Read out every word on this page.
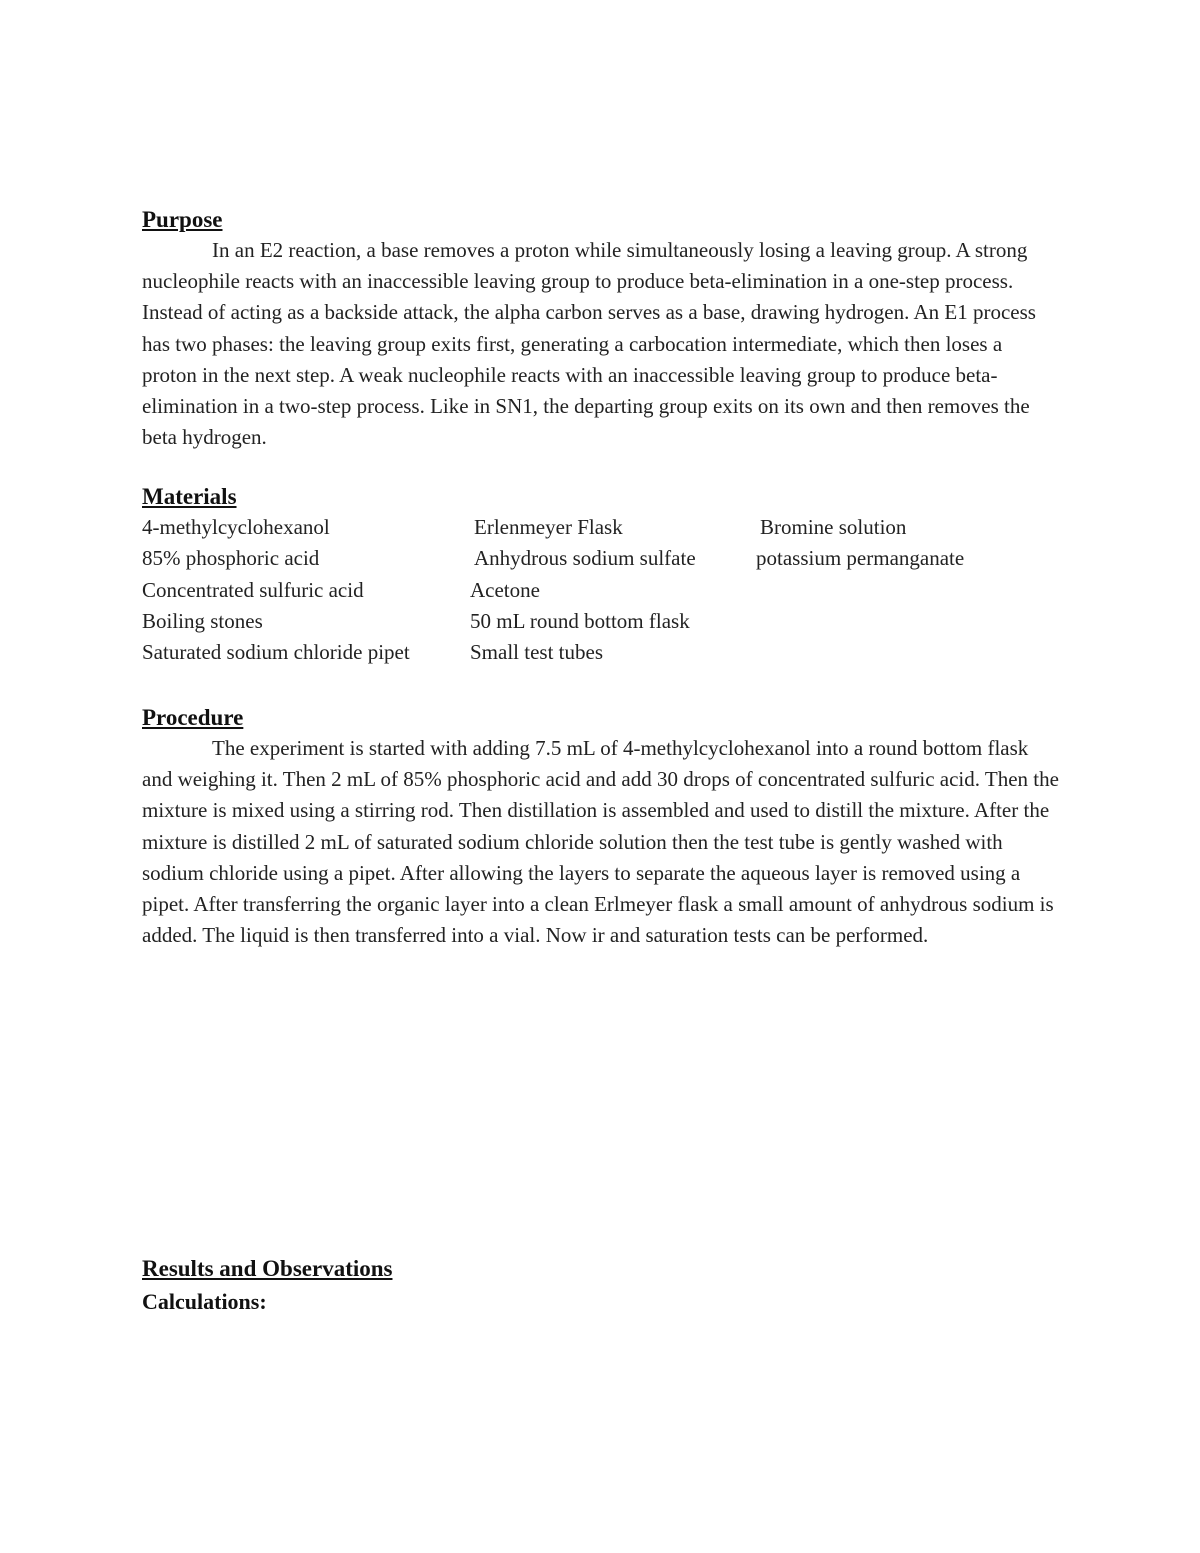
Purpose

In an E2 reaction, a base removes a proton while simultaneously losing a leaving group. A strong nucleophile reacts with an inaccessible leaving group to produce beta-elimination in a one-step process. Instead of acting as a backside attack, the alpha carbon serves as a base, drawing hydrogen. An E1 process has two phases: the leaving group exits first, generating a carbocation intermediate, which then loses a proton in the next step. A weak nucleophile reacts with an inaccessible leaving group to produce beta-elimination in a two-step process. Like in SN1, the departing group exits on its own and then removes the beta hydrogen.

Materials
4-methylcyclohexanol	Erlenmeyer Flask	Bromine solution
85% phosphoric acid	Anhydrous sodium sulfate	potassium permanganate
Concentrated sulfuric acid	Acetone
Boiling stones	50 mL round bottom flask
Saturated sodium chloride pipet	Small test tubes
Procedure

The experiment is started with adding 7.5 mL of 4-methylcyclohexanol into a round bottom flask and weighing it. Then 2 mL of 85% phosphoric acid and add 30 drops of concentrated sulfuric acid. Then the mixture is mixed using a stirring rod. Then distillation is assembled and used to distill the mixture. After the mixture is distilled 2 mL of saturated sodium chloride solution then the test tube is gently washed with sodium chloride using a pipet. After allowing the layers to separate the aqueous layer is removed using a pipet. After transferring the organic layer into a clean Erlmeyer flask a small amount of anhydrous sodium is added. The liquid is then transferred into a vial. Now ir and saturation tests can be performed.

Results and Observations
Calculations:
